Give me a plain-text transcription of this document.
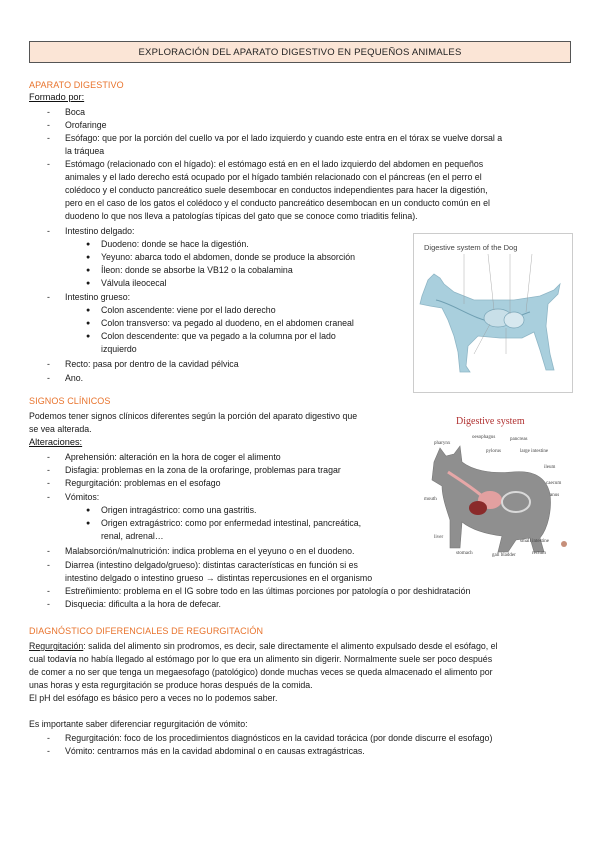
EXPLORACIÓN DEL APARATO DIGESTIVO EN PEQUEÑOS ANIMALES
APARATO DIGESTIVO
Formado por:
- Boca
- Orofaringe
- Esófago: que por la porción del cuello va por el lado izquierdo y cuando este entra en el tórax se vuelve dorsal a
la tráquea
- Estómago (relacionado con el hígado): el estómago está en en el lado izquierdo del abdomen en pequeños
animales y el lado derecho está ocupado por el hígado también relacionado con el páncreas (en el perro el
colédoco y el conducto pancreático suele desembocar en conductos independientes para hacer la digestión,
pero en el caso de los gatos el colédoco y el conducto pancreático desembocan en un conducto común en el
duodeno lo que nos lleva a patologías típicas del gato que se conoce como triaditis felina).
- Intestino delgado:
● Duodeno: donde se hace la digestión.
● Yeyuno: abarca todo el abdomen, donde se produce la absorción
● Íleon: donde se absorbe la VB12 o la cobalamina
● Válvula ileocecal
- Intestino grueso:
● Colon ascendente: viene por el lado derecho
● Colon transverso: va pegado al duodeno, en el abdomen craneal
● Colon descendente: que va pegado a la columna por el lado
izquierdo
- Recto: pasa por dentro de la cavidad pélvica
- Ano.
Digestive system of the Dog
SIGNOS CLÍNICOS
Podemos tener signos clínicos diferentes según la porción del aparato digestivo que
se vea alterada.
Alteraciones:
- Aprehensión: alteración en la hora de coger el alimento
- Disfagia: problemas en la zona de la orofaringe, problemas para tragar
- Regurgitación: problemas en el esofago
- Vómitos:
● Origen intragástrico: como una gastritis.
● Origen extragástrico: como por enfermedad intestinal, pancreática,
renal, adrenal…
- Malabsorción/malnutrición: indica problema en el yeyuno o en el duodeno.
- Diarrea (intestino delgado/grueso): distintas características en función si es
intestino delgado o intestino grueso → distintas repercusiones en el organismo
- Estreñimiento: problema en el IG sobre todo en las últimas porciones por patología o por deshidratación
- Disquecia: dificulta a la hora de defecar.
Digestive system
pharynx
oesophagus	pancreas
pylorus	large intestine
ileum
caecum
anus
mouth
liver
stomach	gall bladder
small intestine
rectum
DIAGNÓSTICO DIFERENCIALES DE REGURGITACIÓN
Regurgitación: salida del alimento sin prodromos, es decir, sale directamente el alimento expulsado desde el esófago, el
cual todavía no había llegado al estómago por lo que era un alimento sin digerir. Normalmente suele ser poco después
de comer a no ser que tenga un megaesofago (patológico) donde muchas veces se queda almacenado el alimento por
unas horas y esta regurgitación se produce horas después de la comida.
El pH del esófago es básico pero a veces no lo podemos saber.
Es importante saber diferenciar regurgitación de vómito:
- Regurgitación: foco de los procedimientos diagnósticos en la cavidad torácica (por donde discurre el esofago)
- Vómito: centrarnos más en la cavidad abdominal o en causas extragástricas.
